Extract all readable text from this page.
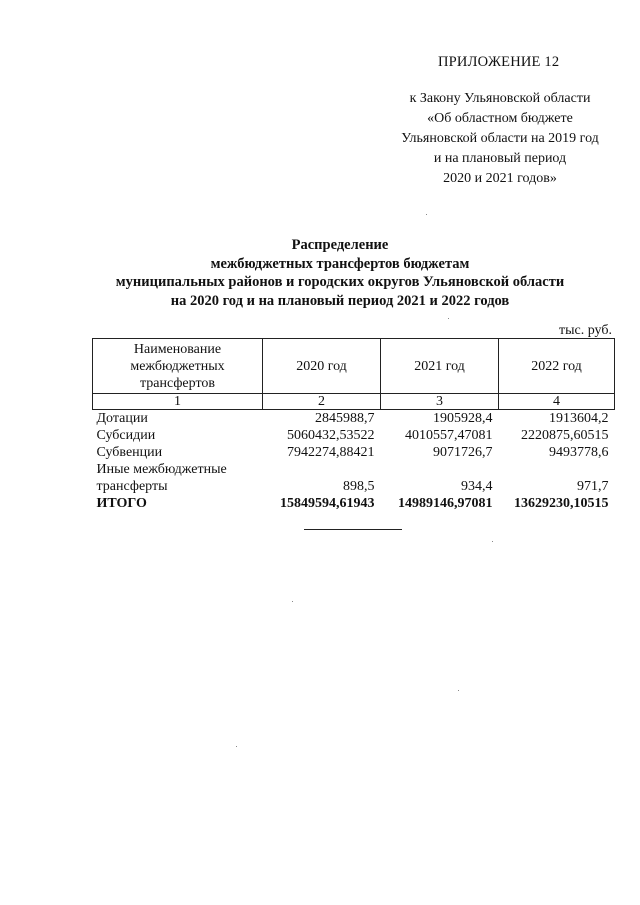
ПРИЛОЖЕНИЕ 12
к Закону Ульяновской области
«Об областном бюджете
Ульяновской области на 2019 год
и на плановый период
2020 и 2021 годов»
Распределение
межбюджетных трансфертов бюджетам
муниципальных районов и городских округов Ульяновской области
на 2020 год и на плановый период 2021 и 2022 годов
тыс. руб.
Наименование
межбюджетных
трансфертов	2020 год	2021 год	2022 год
1	2	3	4
Дотации	2845988,7	1905928,4	1913604,2
Субсидии	5060432,53522	4010557,47081	2220875,60515
Субвенции	7942274,88421	9071726,7	9493778,6

Иные межбюджетные
трансферты	898,5	934,4	971,7
ИТОГО	15849594,61943	14989146,97081	13629230,10515
